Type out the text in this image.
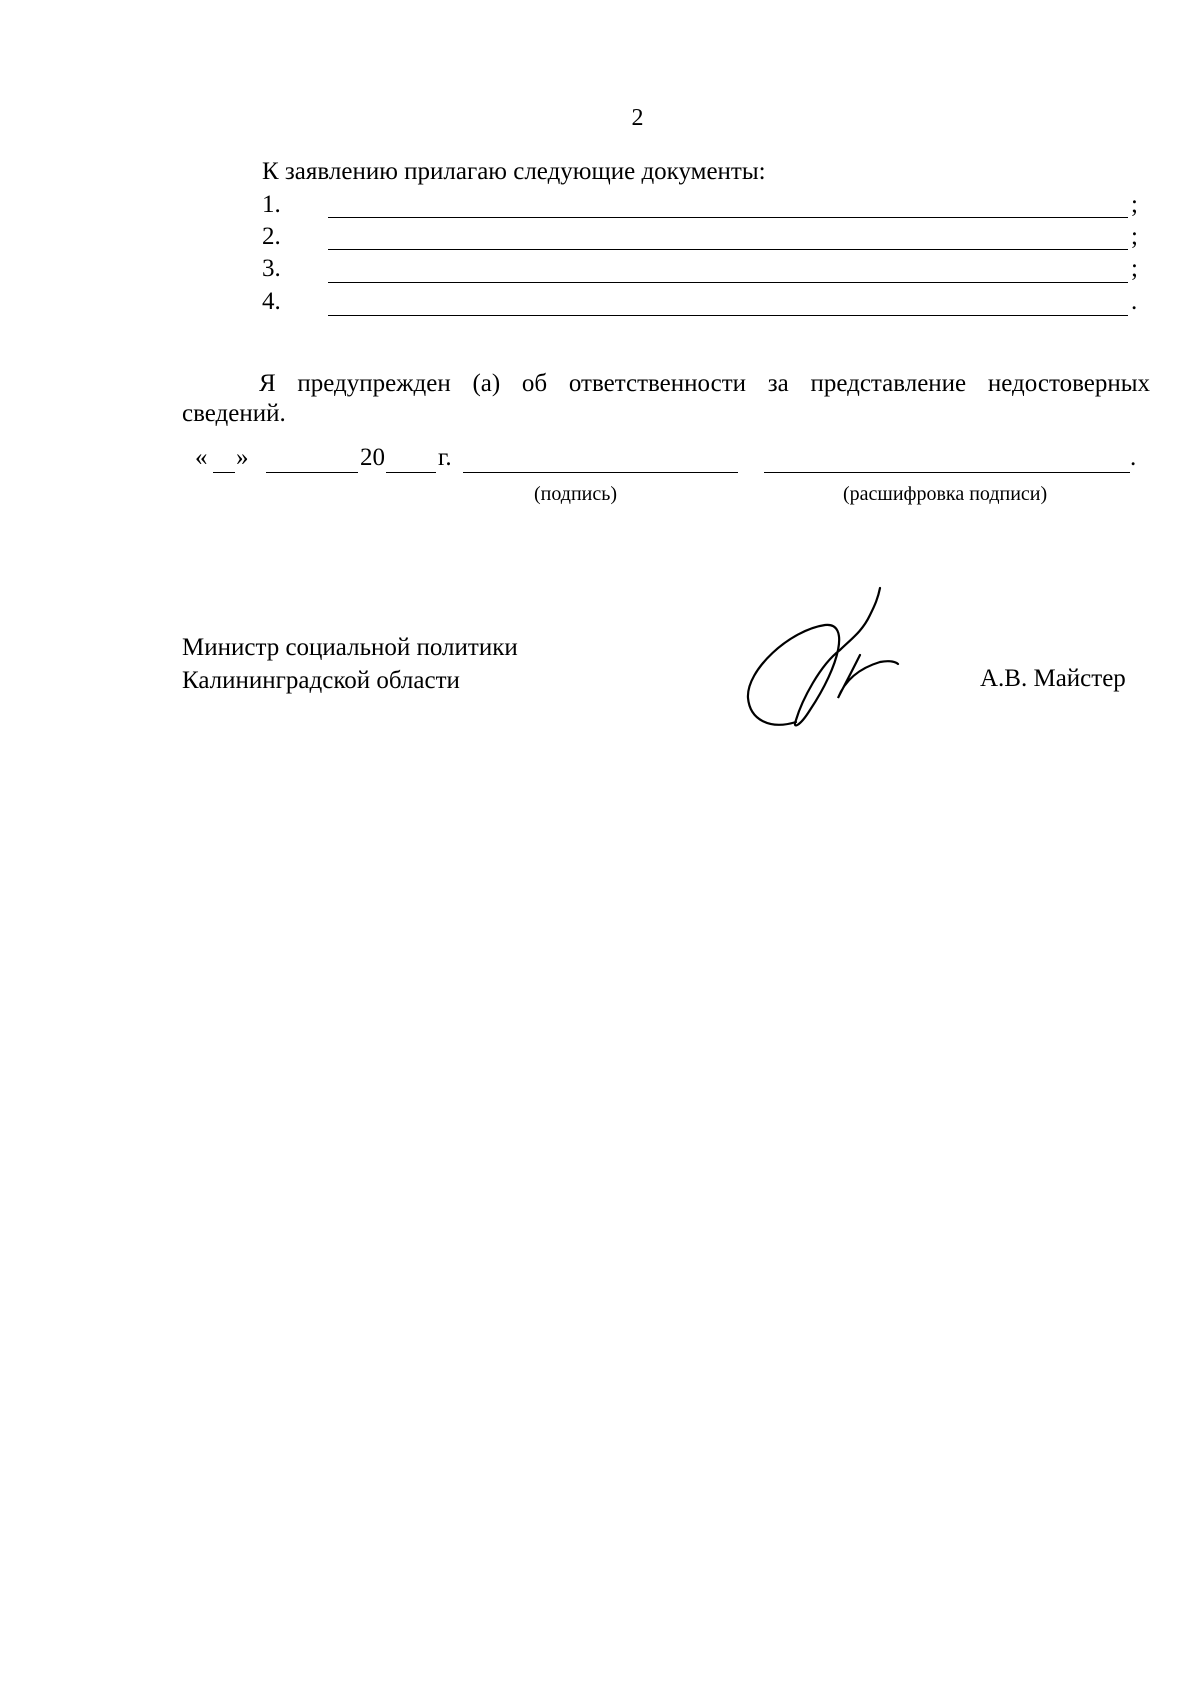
2
К заявлению прилагаю следующие документы:
1.	;
2.	;
3.	;
4.	.
Я предупрежден (а) об ответственности за представление недостоверных сведений.
« »	20 г.	.
(подпись)	(расшифровка подписи)
Министр социальной политики
Калининградской области	А.В. Майстер
